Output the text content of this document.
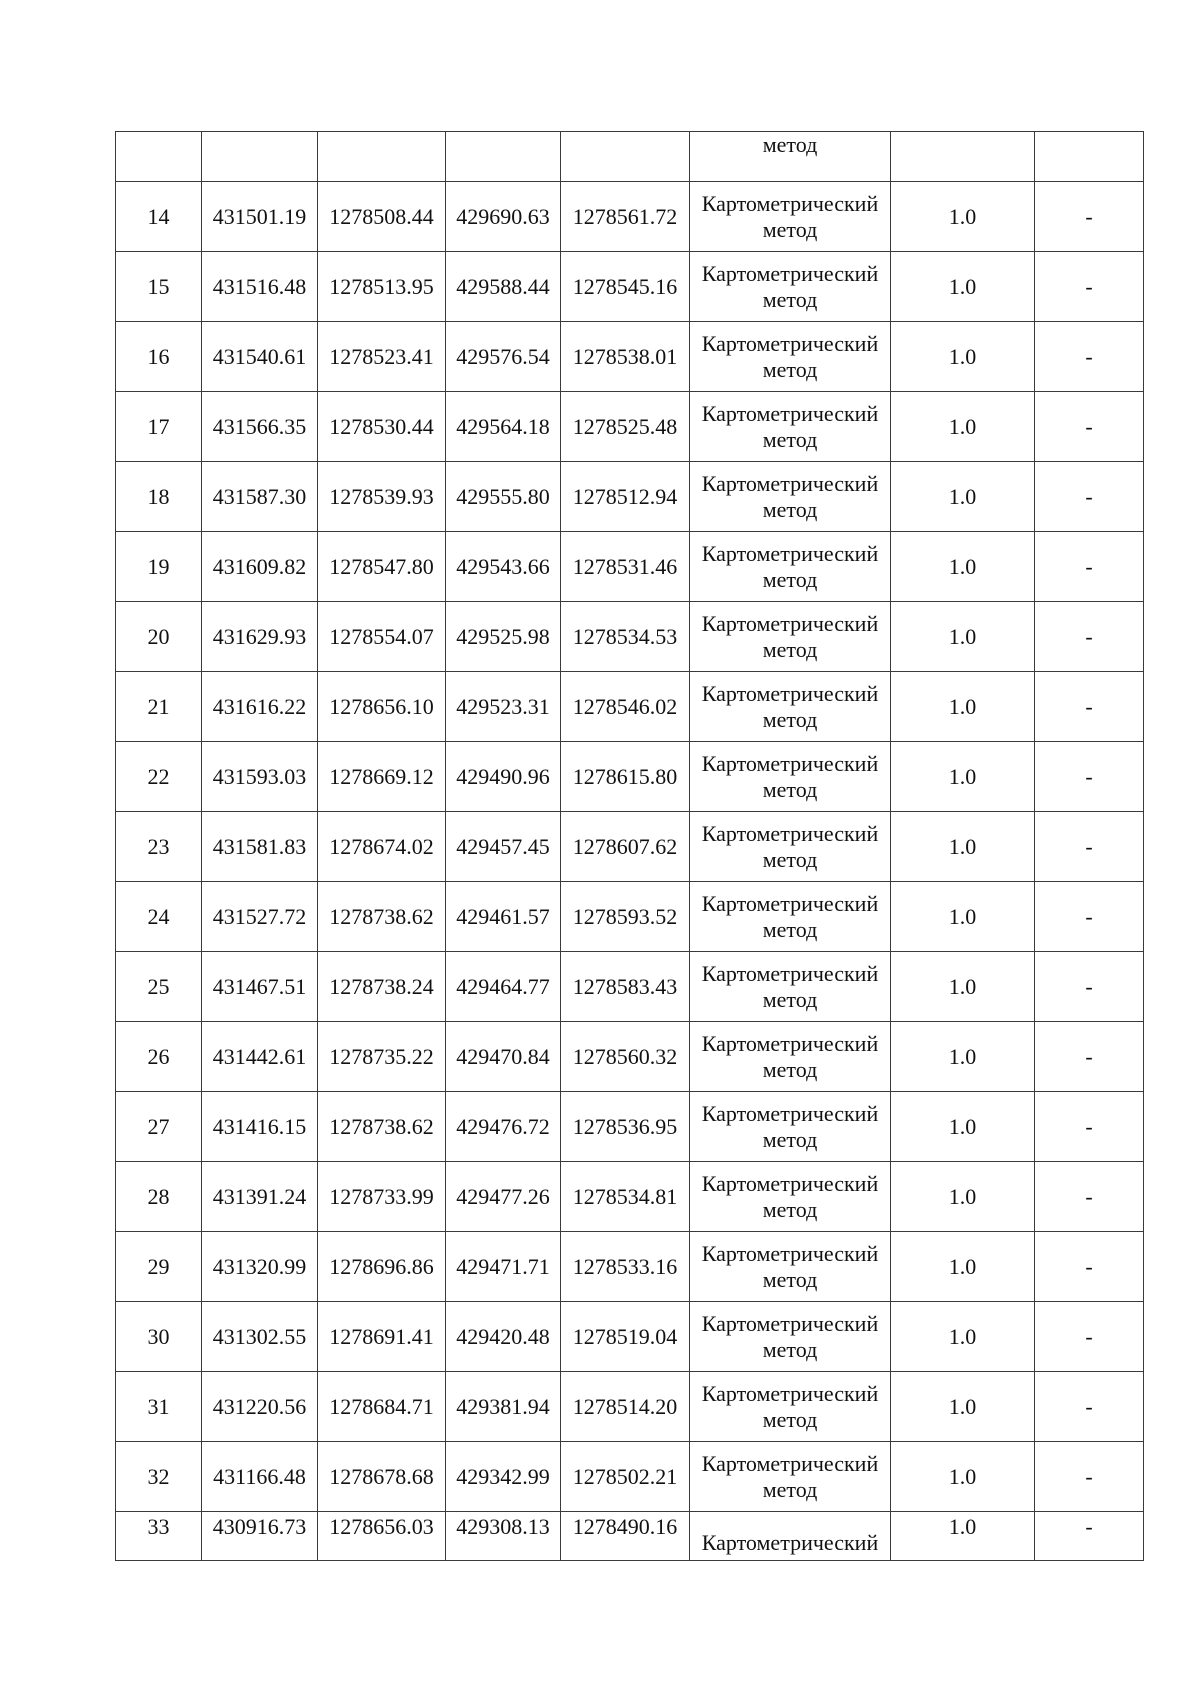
					метод		
14	431501.19	1278508.44	429690.63	1278561.72	Картометрический метод	1.0	-
15	431516.48	1278513.95	429588.44	1278545.16	Картометрический метод	1.0	-
16	431540.61	1278523.41	429576.54	1278538.01	Картометрический метод	1.0	-
17	431566.35	1278530.44	429564.18	1278525.48	Картометрический метод	1.0	-
18	431587.30	1278539.93	429555.80	1278512.94	Картометрический метод	1.0	-
19	431609.82	1278547.80	429543.66	1278531.46	Картометрический метод	1.0	-
20	431629.93	1278554.07	429525.98	1278534.53	Картометрический метод	1.0	-
21	431616.22	1278656.10	429523.31	1278546.02	Картометрический метод	1.0	-
22	431593.03	1278669.12	429490.96	1278615.80	Картометрический метод	1.0	-
23	431581.83	1278674.02	429457.45	1278607.62	Картометрический метод	1.0	-
24	431527.72	1278738.62	429461.57	1278593.52	Картометрический метод	1.0	-
25	431467.51	1278738.24	429464.77	1278583.43	Картометрический метод	1.0	-
26	431442.61	1278735.22	429470.84	1278560.32	Картометрический метод	1.0	-
27	431416.15	1278738.62	429476.72	1278536.95	Картометрический метод	1.0	-
28	431391.24	1278733.99	429477.26	1278534.81	Картометрический метод	1.0	-
29	431320.99	1278696.86	429471.71	1278533.16	Картометрический метод	1.0	-
30	431302.55	1278691.41	429420.48	1278519.04	Картометрический метод	1.0	-
31	431220.56	1278684.71	429381.94	1278514.20	Картометрический метод	1.0	-
32	431166.48	1278678.68	429342.99	1278502.21	Картометрический метод	1.0	-
33	430916.73	1278656.03	429308.13	1278490.16	Картометрический	1.0	-
